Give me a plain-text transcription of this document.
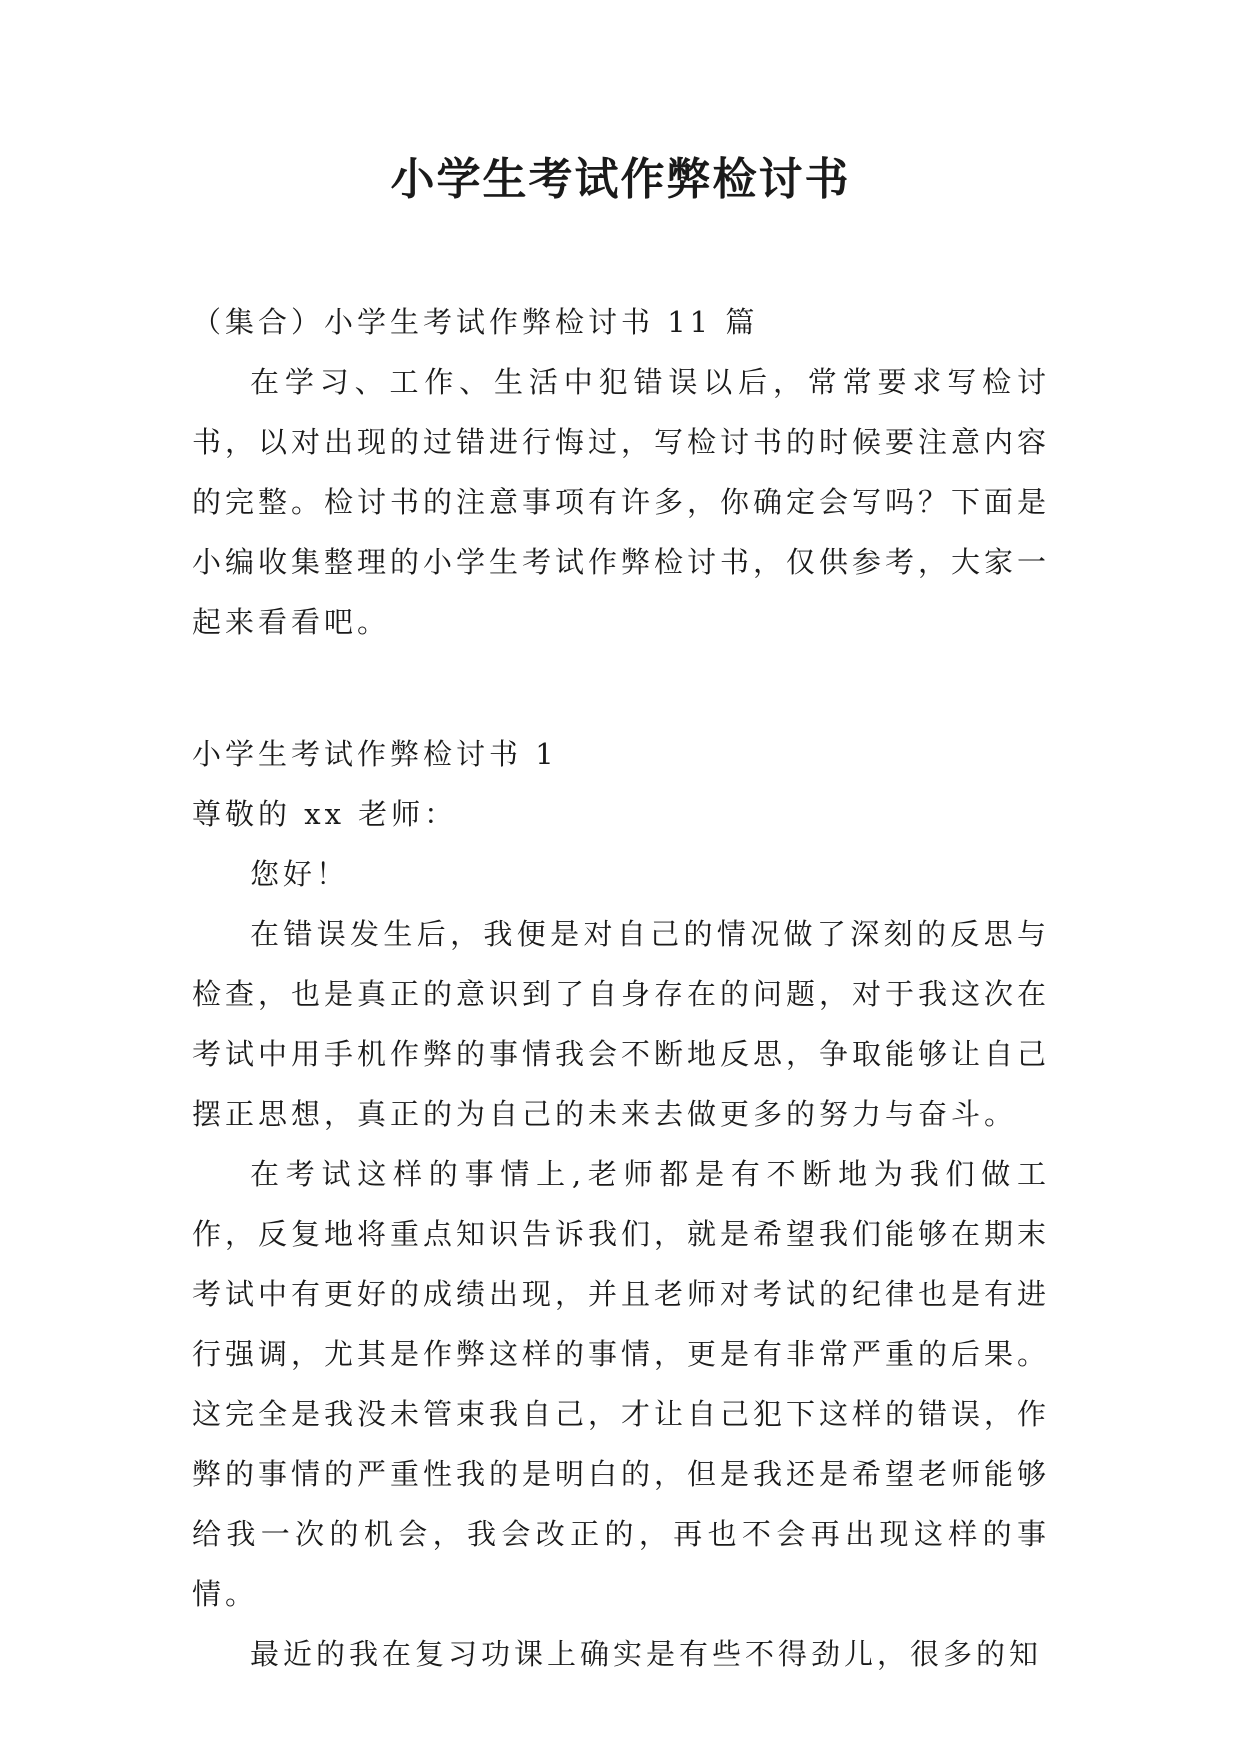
小学生考试作弊检讨书

（集合）小学生考试作弊检讨书 11 篇

在学习、工作、生活中犯错误以后，常常要求写检讨书，以对出现的过错进行悔过，写检讨书的时候要注意内容的完整。检讨书的注意事项有许多，你确定会写吗？下面是小编收集整理的小学生考试作弊检讨书，仅供参考，大家一起来看看吧。

小学生考试作弊检讨书 1

尊敬的 xx 老师：

您好！

在错误发生后，我便是对自己的情况做了深刻的反思与检查，也是真正的意识到了自身存在的问题，对于我这次在考试中用手机作弊的事情我会不断地反思，争取能够让自己摆正思想，真正的为自己的未来去做更多的努力与奋斗。

在考试这样的事情上,老师都是有不断地为我们做工作，反复地将重点知识告诉我们，就是希望我们能够在期末考试中有更好的成绩出现，并且老师对考试的纪律也是有进行强调，尤其是作弊这样的事情，更是有非常严重的后果。这完全是我没未管束我自己，才让自己犯下这样的错误，作弊的事情的严重性我的是明白的，但是我还是希望老师能够给我一次的机会，我会改正的，再也不会再出现这样的事情。

最近的我在复习功课上确实是有些不得劲儿，很多的知
